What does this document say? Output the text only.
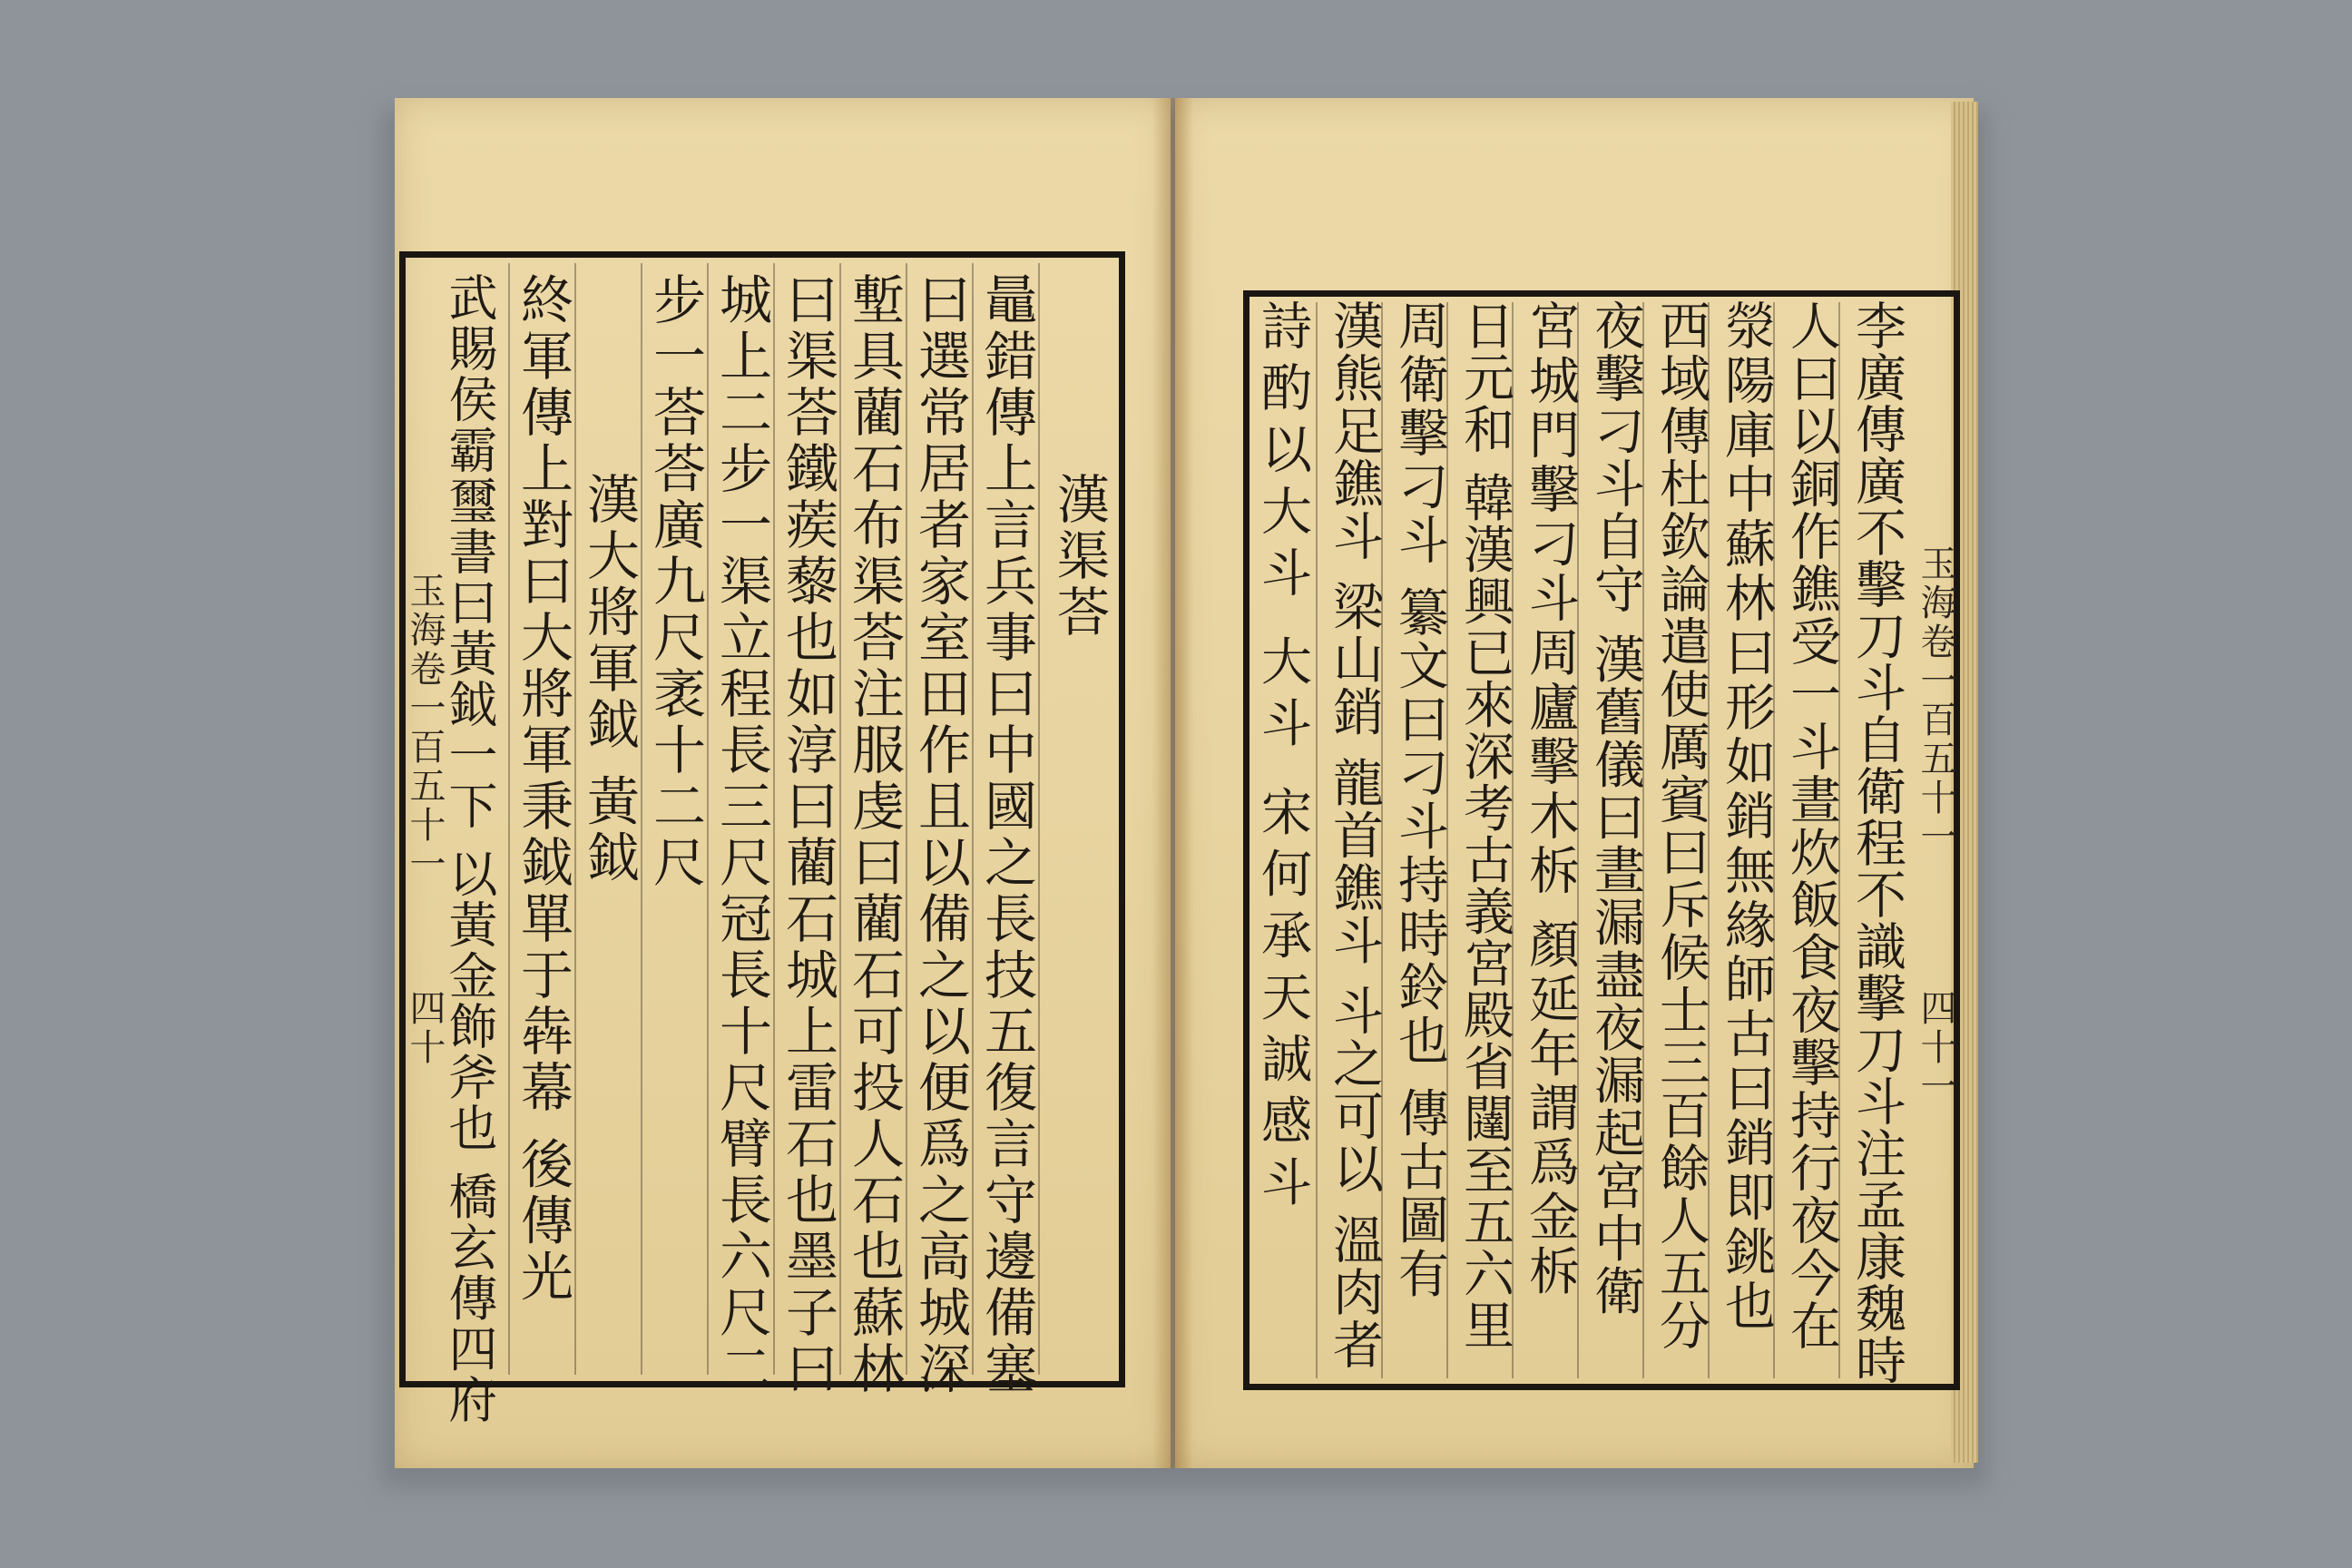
玉海卷一百五十一
四十
玉海卷一百五十一
四十一
漢渠荅
鼂錯傳上言兵事曰中國之長技五復言守邊備塞
曰選常居者家室田作且以備之以便爲之高城深
塹具藺石布渠荅注服虔曰藺石可投人石也蘇林
曰渠荅鐵蒺藜也如淳曰藺石城上雷石也墨子曰
城上二步一渠立程長三尺冠長十尺臂長六尺二
步一荅荅廣九尺袤十二尺
漢大將軍鉞 黃鉞
終軍傳上對曰大將軍秉鉞單于犇幕 後傳光
武賜侯霸璽書曰黃鉞一下 以黃金飾斧也 橋玄傳四府	李廣傳廣不擊刀斗自衛程不識擊刀斗注孟康魏時
人曰以銅作鐎受一斗晝炊飯食夜擊持行夜今在
滎陽庫中蘇林曰形如銷無緣師古曰銷即銚也
西域傳杜欽論遣使厲賓曰斥候士三百餘人五分
夜擊刁斗自守 漢舊儀曰晝漏盡夜漏起宮中衛
宮城門擊刁斗周廬擊木柝 顏延年謂爲金柝
日元和 韓漢興已來深考古義宮殿省闥至五六里
周衛擊刁斗 纂文曰刁斗持時鈴也 傳古圖有
漢熊足鐎斗 梁山銷 龍首鐎斗 斗之可以 溫肉者
詩酌以大斗 大斗 宋何承天誠感斗
